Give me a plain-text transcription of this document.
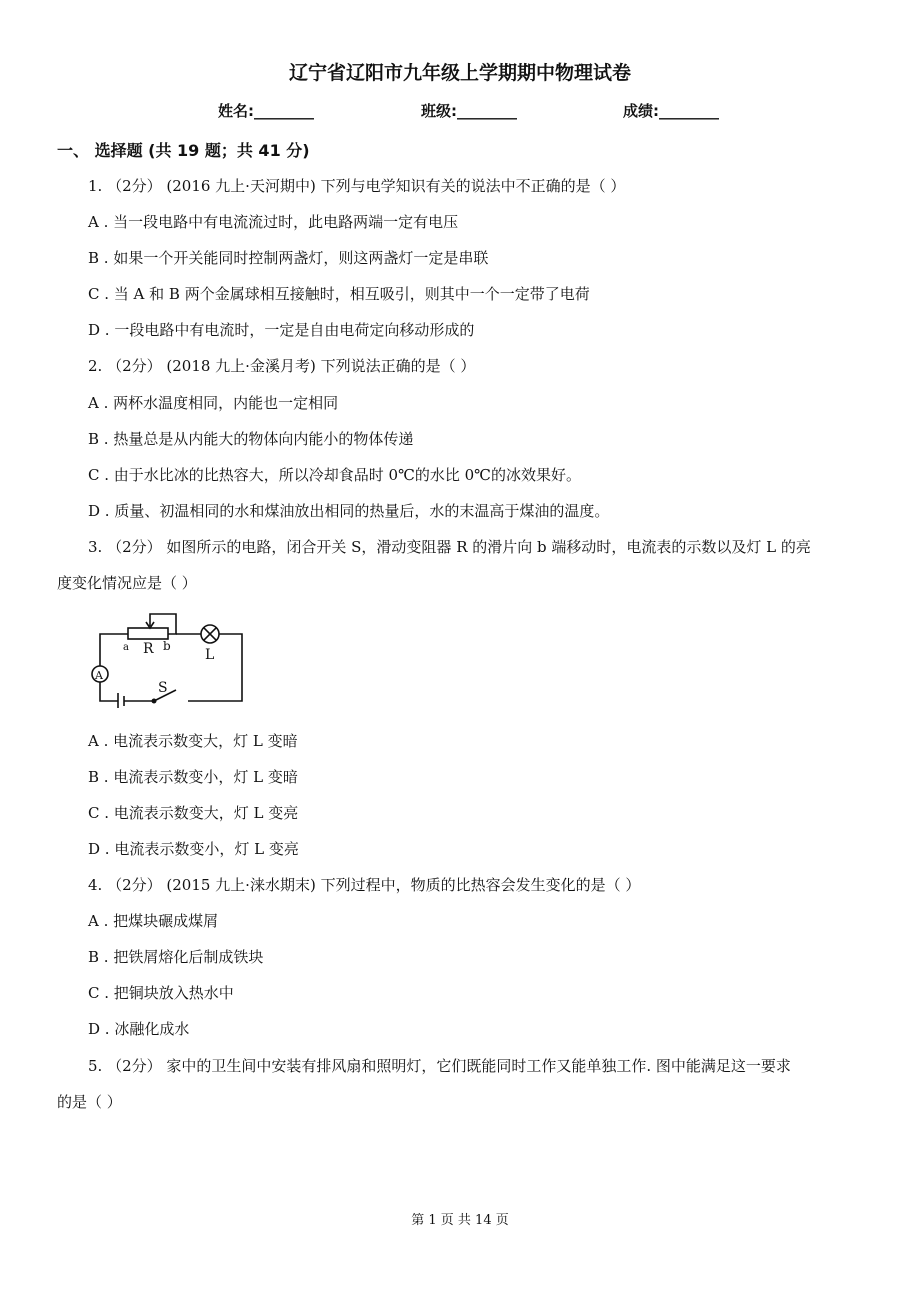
辽宁省辽阳市九年级上学期期中物理试卷
姓名:________	班级:________	成绩:________
一、 选择题 (共 19 题；共 41 分)
1. （2分） (2016 九上·天河期中) 下列与电学知识有关的说法中不正确的是（ ）
A . 当一段电路中有电流流过时，此电路两端一定有电压
B . 如果一个开关能同时控制两盏灯，则这两盏灯一定是串联
C . 当 A 和 B 两个金属球相互接触时，相互吸引，则其中一个一定带了电荷
D . 一段电路中有电流时，一定是自由电荷定向移动形成的
2. （2分） (2018 九上·金溪月考) 下列说法正确的是（ ）
A . 两杯水温度相同，内能也一定相同
B . 热量总是从内能大的物体向内能小的物体传递
C . 由于水比冰的比热容大，所以冷却食品时 0℃的水比 0℃的冰效果好。
D . 质量、初温相同的水和煤油放出相同的热量后，水的末温高于煤油的温度。
3. （2分） 如图所示的电路，闭合开关 S，滑动变阻器 R 的滑片向 b 端移动时，电流表的示数以及灯 L 的亮
度变化情况应是（ ）
a R b
L
A
S
A . 电流表示数变大，灯 L 变暗
B . 电流表示数变小，灯 L 变暗
C . 电流表示数变大，灯 L 变亮
D . 电流表示数变小，灯 L 变亮
4. （2分） (2015 九上·涞水期末) 下列过程中，物质的比热容会发生变化的是（ ）
A . 把煤块碾成煤屑
B . 把铁屑熔化后制成铁块
C . 把铜块放入热水中
D . 冰融化成水
5. （2分） 家中的卫生间中安装有排风扇和照明灯，它们既能同时工作又能单独工作. 图中能满足这一要求
的是（ ）
第 1 页 共 14 页
